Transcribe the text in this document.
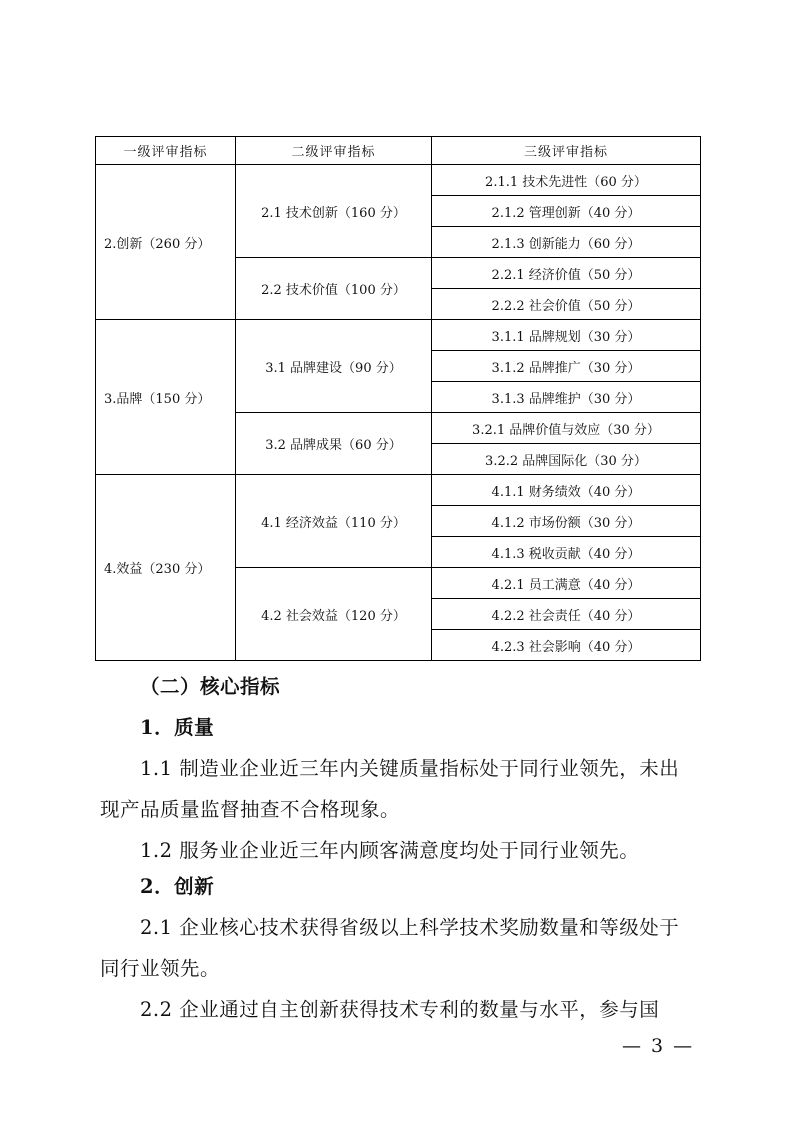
一级评审指标	二级评审指标	三级评审指标
2.创新（260 分）	2.1 技术创新（160 分）	2.1.1 技术先进性（60 分）
		2.1.2 管理创新（40 分）
		2.1.3 创新能力（60 分）
	2.2 技术价值（100 分）	2.2.1 经济价值（50 分）
		2.2.2 社会价值（50 分）
3.品牌（150 分）	3.1 品牌建设（90 分）	3.1.1 品牌规划（30 分）
		3.1.2 品牌推广（30 分）
		3.1.3 品牌维护（30 分）
	3.2 品牌成果（60 分）	3.2.1 品牌价值与效应（30 分）
		3.2.2 品牌国际化（30 分）
4.效益（230 分）	4.1 经济效益（110 分）	4.1.1 财务绩效（40 分）
		4.1.2 市场份额（30 分）
		4.1.3 税收贡献（40 分）
	4.2 社会效益（120 分）	4.2.1 员工满意（40 分）
		4.2.2 社会责任（40 分）
		4.2.3 社会影响（40 分）
（二）核心指标
1．质量
1.1 制造业企业近三年内关键质量指标处于同行业领先，未出现产品质量监督抽查不合格现象。
1.2 服务业企业近三年内顾客满意度均处于同行业领先。
2．创新
2.1 企业核心技术获得省级以上科学技术奖励数量和等级处于同行业领先。
2.2 企业通过自主创新获得技术专利的数量与水平，参与国
— 3 —
